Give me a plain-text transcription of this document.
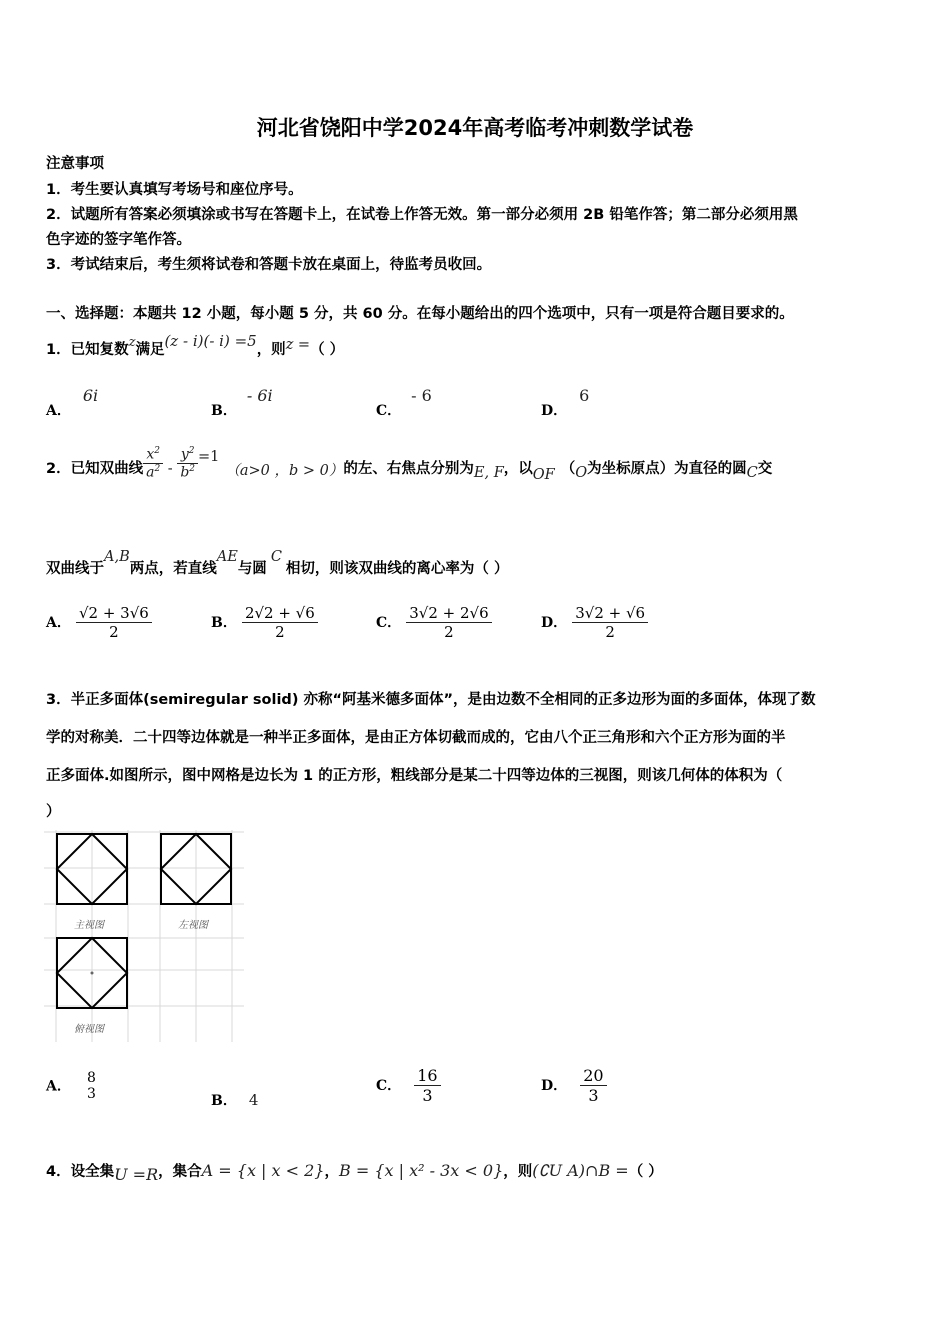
河北省饶阳中学2024年高考临考冲刺数学试卷
注意事项
1．考生要认真填写考场号和座位序号。
2．试题所有答案必须填涂或书写在答题卡上，在试卷上作答无效。第一部分必须用 2B 铅笔作答；第二部分必须用黑
色字迹的签字笔作答。
3．考试结束后，考生须将试卷和答题卡放在桌面上，待监考员收回。
一、选择题：本题共 12 小题，每小题 5 分，共 60 分。在每小题给出的四个选项中，只有一项是符合题目要求的。
1．已知复数z满足(z - i)(- i) =5，则z =（ ）
A．6i
B．- 6i
C．- 6
D．6
2．已知双曲线 $\frac{x^2}{a^2} - \frac{y^2}{b^2} =1(a>0$ ，b > 0）的左、右焦点分别为E, F，以OF （O为坐标原点）为直径的圆C交
双曲线于A,B两点，若直线AE与圆C相切，则该双曲线的离心率为（ ）
A． $\frac{√2 + 3√6}{2}$	B． $\frac{2√2 + √6}{2}$	C． $\frac{3√2 + 2√6}{2}$	D． $\frac{3√2 + √6}{2}$
3．半正多面体(semiregular solid) 亦称“阿基米德多面体”，是由边数不全相同的正多边形为面的多面体，体现了数
学的对称美．二十四等边体就是一种半正多面体，是由正方体切截而成的，它由八个正三角形和六个正方形为面的半
正多面体.如图所示，图中网格是边长为 1 的正方形，粗线部分是某二十四等边体的三视图，则该几何体的体积为（
）
主视图	左视图
俯视图
A．
8
3	B． 4
C． $\frac{16}{3}$	D． $\frac{20}{3}$
4．设全集U =R，集合A = {x | x < 2}，B = {x | x² - 3x < 0}，则(∁U A)∩B =（ ）
